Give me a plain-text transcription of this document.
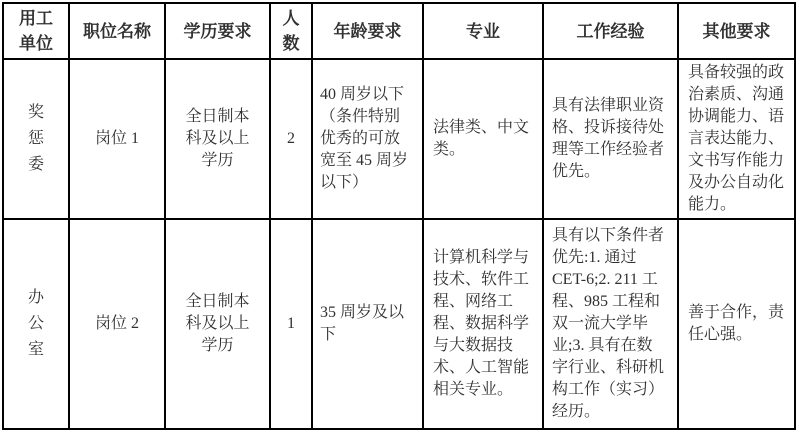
用工单位	职位名称	学历要求	人数	年龄要求	专业	工作经验	其他要求
奖惩委	岗位 1	全日制本科及以上学历	2	40 周岁以下（条件特别优秀的可放宽至 45 周岁以下）	法律类、中文类。	具有法律职业资格、投诉接待处理等工作经验者优先。	具备较强的政治素质、沟通协调能力、语言表达能力、文书写作能力及办公自动化能力。
办公室	岗位 2	全日制本科及以上学历	1	35 周岁及以下	计算机科学与技术、软件工程、网络工程、数据科学与大数据技术、人工智能相关专业。	具有以下条件者优先:1. 通过 CET-6;2. 211 工程、985 工程和双一流大学毕业;3. 具有在数字行业、科研机构工作（实习）经历。	善于合作，责任心强。
